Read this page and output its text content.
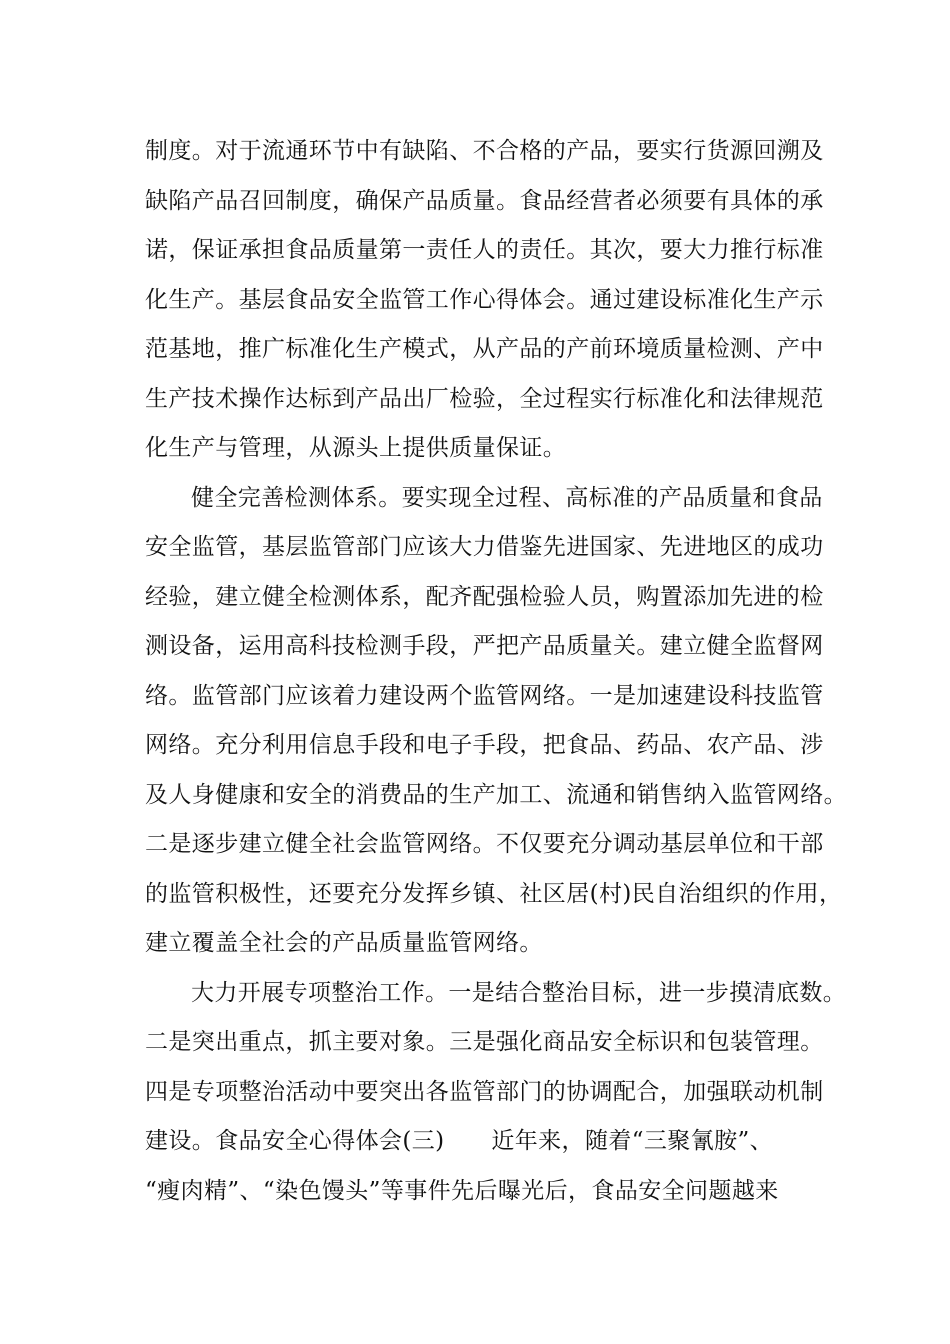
制度。对于流通环节中有缺陷、不合格的产品，要实行货源回溯及
缺陷产品召回制度，确保产品质量。食品经营者必须要有具体的承
诺，保证承担食品质量第一责任人的责任。其次，要大力推行标准
化生产。基层食品安全监管工作心得体会。通过建设标准化生产示
范基地，推广标准化生产模式，从产品的产前环境质量检测、产中
生产技术操作达标到产品出厂检验，全过程实行标准化和法律规范
化生产与管理，从源头上提供质量保证。
健全完善检测体系。要实现全过程、高标准的产品质量和食品
安全监管，基层监管部门应该大力借鉴先进国家、先进地区的成功
经验，建立健全检测体系，配齐配强检验人员，购置添加先进的检
测设备，运用高科技检测手段，严把产品质量关。建立健全监督网
络。监管部门应该着力建设两个监管网络。一是加速建设科技监管
网络。充分利用信息手段和电子手段，把食品、药品、农产品、涉
及人身健康和安全的消费品的生产加工、流通和销售纳入监管网络。
二是逐步建立健全社会监管网络。不仅要充分调动基层单位和干部
的监管积极性，还要充分发挥乡镇、社区居(村)民自治组织的作用，
建立覆盖全社会的产品质量监管网络。
大力开展专项整治工作。一是结合整治目标，进一步摸清底数。
二是突出重点，抓主要对象。三是强化商品安全标识和包装管理。
四是专项整治活动中要突出各监管部门的协调配合，加强联动机制
建设。食品安全心得体会(三)　　近年来，随着“三聚氰胺”、
“瘦肉精”、“染色馒头”等事件先后曝光后，食品安全问题越来
